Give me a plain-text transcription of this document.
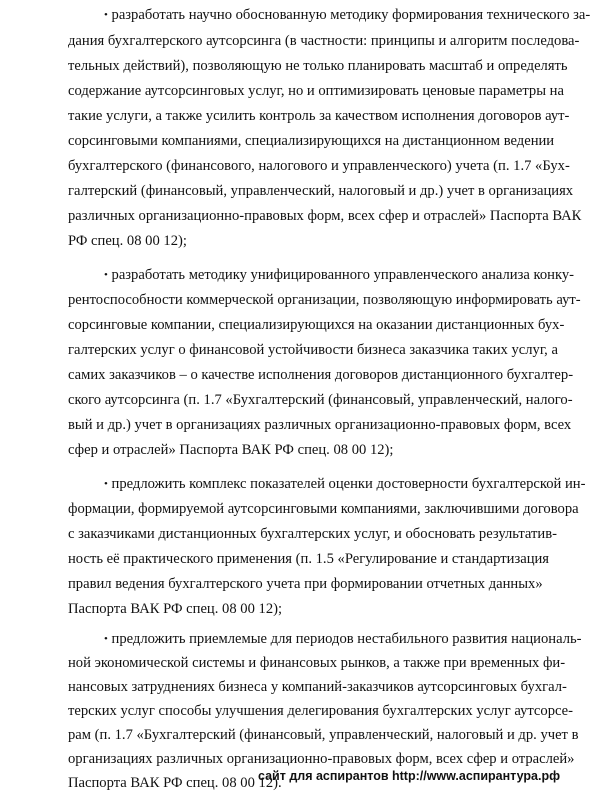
• разработать научно обоснованную методику формирования технического за-
дания бухгалтерского аутсорсинга (в частности: принципы и алгоритм последова-
тельных действий), позволяющую не только планировать масштаб и определять
содержание аутсорсинговых услуг, но и оптимизировать ценовые параметры на
такие услуги, а также усилить контроль за качеством исполнения договоров аут-
сорсинговыми компаниями, специализирующихся на дистанционном ведении
бухгалтерского (финансового, налогового и управленческого) учета (п. 1.7 «Бух-
галтерский (финансовый, управленческий, налоговый и др.) учет в организациях
различных организационно-правовых форм, всех сфер и отраслей» Паспорта ВАК
РФ спец. 08 00 12);
• разработать методику унифицированного управленческого анализа конку-
рентоспособности коммерческой организации, позволяющую информировать аут-
сорсинговые компании, специализирующихся на оказании дистанционных бух-
галтерских услуг о финансовой устойчивости бизнеса заказчика таких услуг, а
самих заказчиков – о качестве исполнения договоров дистанционного бухгалтер-
ского аутсорсинга (п. 1.7 «Бухгалтерский (финансовый, управленческий, налого-
вый и др.) учет в организациях различных организационно-правовых форм, всех
сфер и отраслей» Паспорта ВАК РФ спец. 08 00 12);
• предложить комплекс показателей оценки достоверности бухгалтерской ин-
формации, формируемой аутсорсинговыми компаниями, заключившими договора
с заказчиками дистанционных бухгалтерских услуг, и обосновать результатив-
ность её практического применения (п. 1.5 «Регулирование и стандартизация
правил ведения бухгалтерского учета при формировании отчетных данных»
Паспорта ВАК РФ спец. 08 00 12);
• предложить приемлемые для периодов нестабильного развития националь-
ной экономической системы и финансовых рынков, а также при временных фи-
нансовых затруднениях бизнеса у компаний-заказчиков аутсорсинговых бухгал-
терских услуг способы улучшения делегирования бухгалтерских услуг аутсорсе-
рам (п. 1.7 «Бухгалтерский (финансовый, управленческий, налоговый и др. учет в
организациях различных организационно-правовых форм, всех сфер и отраслей»
Паспорта ВАК РФ спец. 08 00 12).
сайт для аспирантов http://www.аспирантура.рф
